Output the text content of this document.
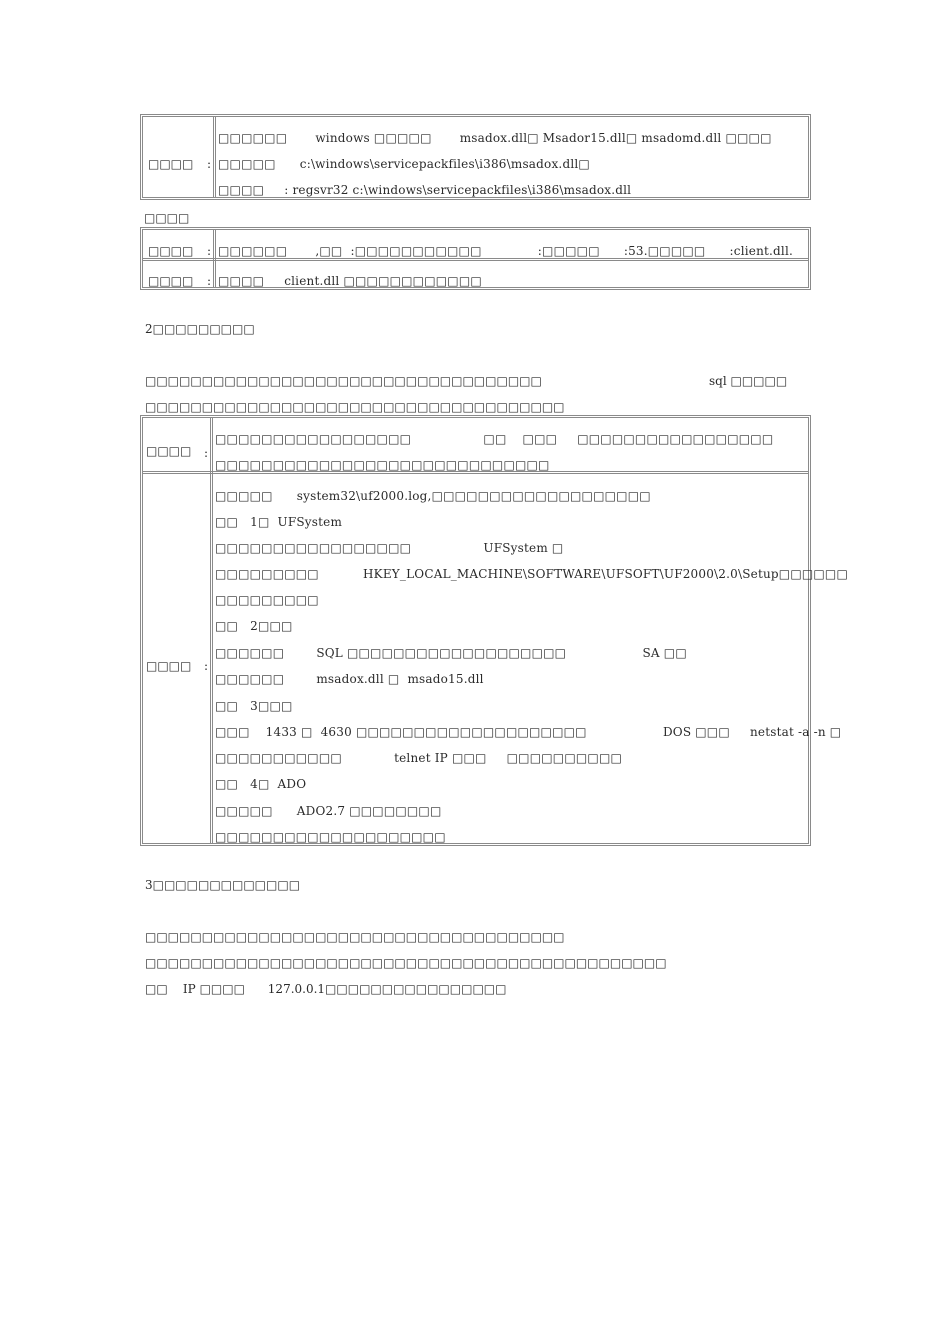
□□□□ :
□□□□□□       windows □□□□□       msadox.dll□ Msador15.dll□ msadomd.dll □□□□
□□□□□      c:\windows\servicepackfiles\i386\msadox.dll□
□□□□     : regsvr32 c:\windows\servicepackfiles\i386\msadox.dll
□□□□
□□□□ : □□□□□□       ,□□  :□□□□□□□□□□□              :□□□□□      :53.□□□□□      :client.dll.
□□□□ : □□□□     client.dll □□□□□□□□□□□□
2□□□□□□□□□
□□□□□□□□□□□□□□□□□□□□□□□□□□□□□□□□□□□	sql □□□□□
□□□□□□□□□□□□□□□□□□□□□□□□□□□□□□□□□□□□□
□□□□ :
□□□□□□□□□□□□□□□□□                  □□    □□□     □□□□□□□□□□□□□□□□□
□□□□□□□□□□□□□□□□□□□□□□□□□□□□□
□□□□ :
□□□□□      system32\uf2000.log,□□□□□□□□□□□□□□□□□□□
□□   1□  UFSystem
□□□□□□□□□□□□□□□□□                  UFSystem □
□□□□□□□□□           HKEY_LOCAL_MACHINE\SOFTWARE\UFSOFT\UF2000\2.0\Setup□□□□□□
□□□□□□□□□
□□   2□□□
□□□□□□        SQL □□□□□□□□□□□□□□□□□□□                   SA □□
□□□□□□        msadox.dll □  msado15.dll
□□   3□□□
□□□    1433 □  4630 □□□□□□□□□□□□□□□□□□□□                   DOS □□□     netstat -a -n □
□□□□□□□□□□□             telnet IP □□□     □□□□□□□□□□
□□   4□  ADO
□□□□□      ADO2.7 □□□□□□□□
□□□□□□□□□□□□□□□□□□□□
3□□□□□□□□□□□□□
□□□□□□□□□□□□□□□□□□□□□□□□□□□□□□□□□□□□□
□□□□□□□□□□□□□□□□□□□□□□□□□□□□□□□□□□□□□□□□□□□□□□
□□    IP □□□□      127.0.0.1□□□□□□□□□□□□□□□□
